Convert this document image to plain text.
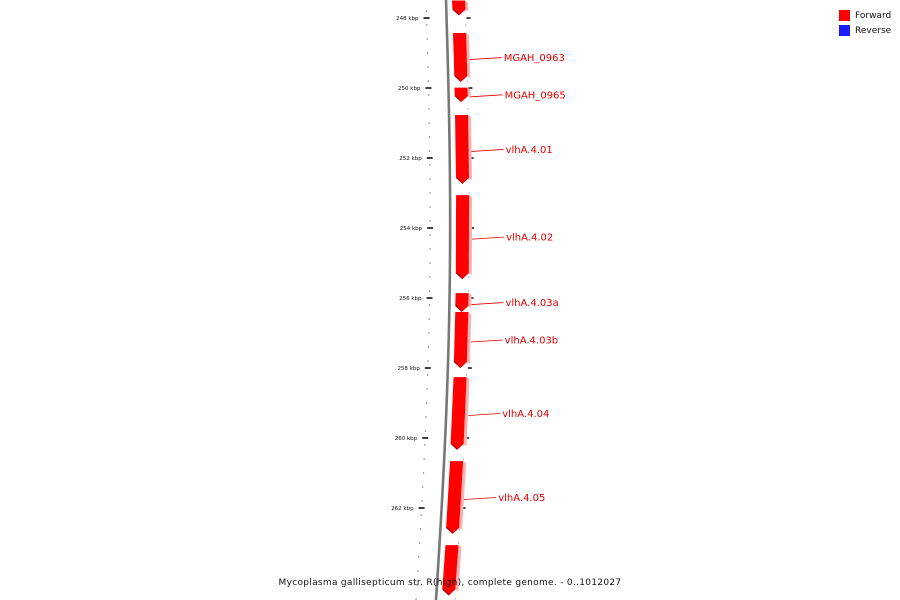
248 kbp
250 kbp
252 kbp
254 kbp
256 kbp
258 kbp
260 kbp
262 kbp
MGAH_0963
MGAH_0965
vlhA.4.01
vlhA.4.02
vlhA.4.03a
vlhA.4.03b
vlhA.4.04
vlhA.4.05
Forward
Reverse
Mycoplasma gallisepticum str. R(high), complete genome. - 0..1012027
